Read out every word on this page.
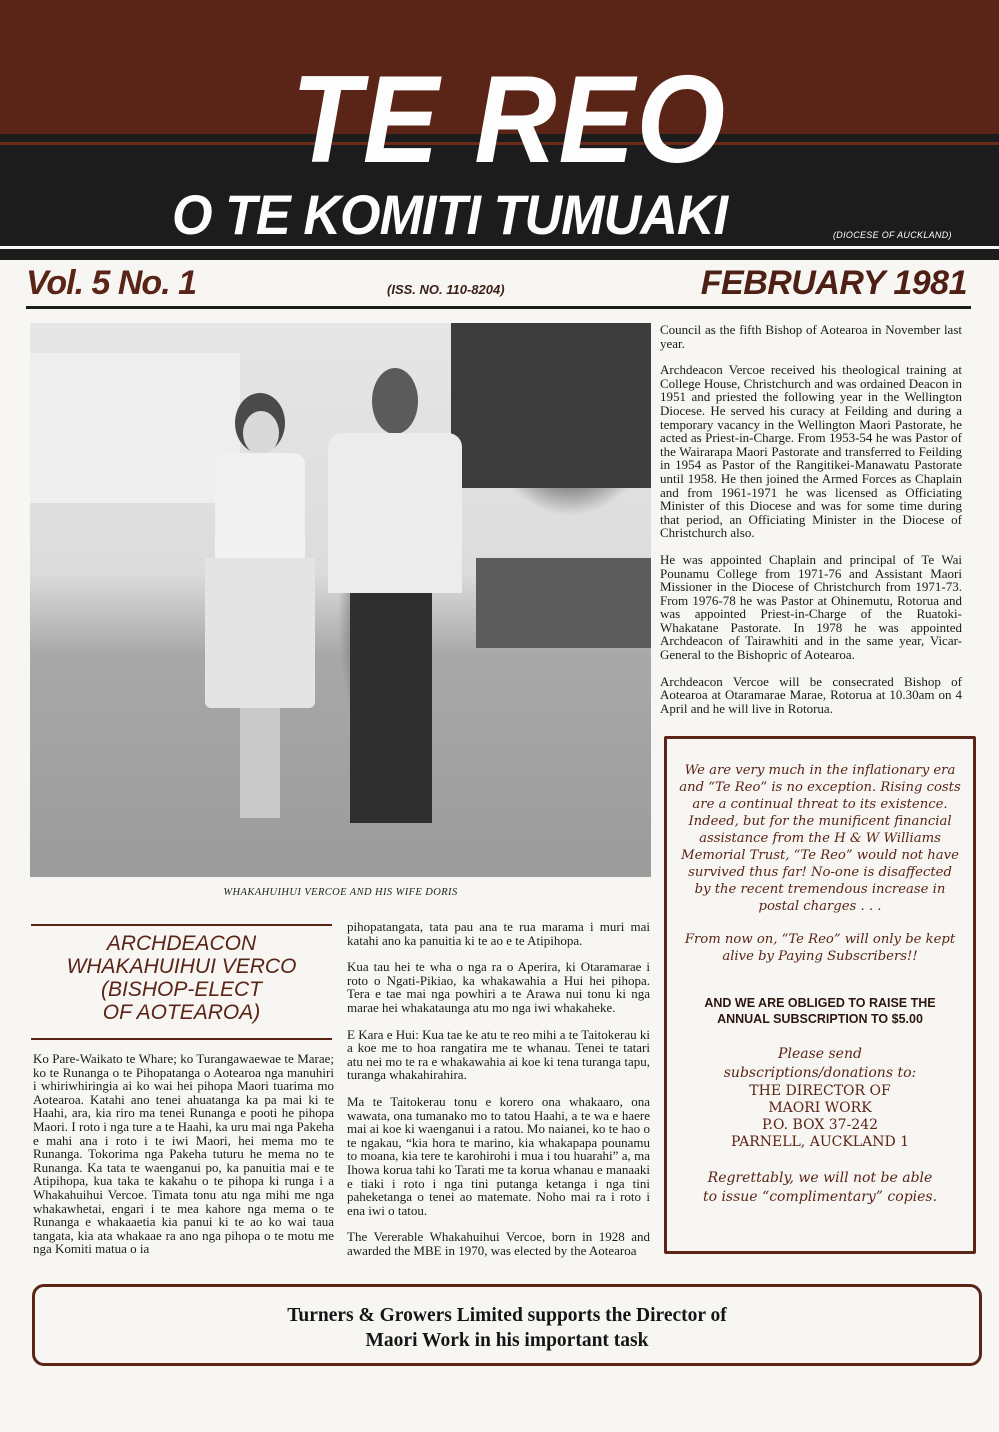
TE REO
O TE KOMITI TUMUAKI	(DIOCESE OF AUCKLAND)
Vol. 5 No. 1	(ISS. NO. 110-8204)	FEBRUARY 1981
WHAKAHUIHUI VERCOE AND HIS WIFE DORIS

Council as the fifth Bishop of Aotearoa in November last year.

Archdeacon Vercoe received his theological training at College House, Christchurch and was ordained Deacon in 1951 and priested the following year in the Wellington Diocese. He served his curacy at Feilding and during a temporary vacancy in the Wellington Maori Pastorate, he acted as Priest-in-Charge. From 1953-54 he was Pastor of the Wairarapa Maori Pastorate and transferred to Feilding in 1954 as Pastor of the Rangitikei-Manawatu Pastorate until 1958. He then joined the Armed Forces as Chaplain and from 1961-1971 he was licensed as Officiating Minister of this Diocese and was for some time during that period, an Officiating Minister in the Diocese of Christchurch also.

He was appointed Chaplain and principal of Te Wai Pounamu College from 1971-76 and Assistant Maori Missioner in the Diocese of Christchurch from 1971-73. From 1976-78 he was Pastor at Ohinemutu, Rotorua and was appointed Priest-in-Charge of the Ruatoki-Whakatane Pastorate. In 1978 he was appointed Archdeacon of Tairawhiti and in the same year, Vicar-General to the Bishopric of Aotearoa.

Archdeacon Vercoe will be consecrated Bishop of Aotearoa at Otaramarae Marae, Rotorua at 10.30am on 4 April and he will live in Rotorua.

ARCHDEACON
WHAKAHUIHUI VERCO
(BISHOP-ELECT
OF AOTEAROA)

Ko Pare-Waikato te Whare; ko Turangawaewae te Marae; ko te Runanga o te Pihopatanga o Aotearoa nga manuhiri i whiriwhiringia ai ko wai hei pihopa Maori tuarima mo Aotearoa. Katahi ano tenei ahuatanga ka pa mai ki te Haahi, ara, kia riro ma tenei Runanga e pooti he pihopa Maori. I roto i nga ture a te Haahi, ka uru mai nga Pakeha e mahi ana i roto i te iwi Maori, hei mema mo te Runanga. Tokorima nga Pakeha tuturu he mema no te Runanga. Ka tata te waenganui po, ka panuitia mai e te Atipihopa, kua taka te kakahu o te pihopa ki runga i a Whakahuihui Vercoe. Timata tonu atu nga mihi me nga whakawhetai, engari i te mea kahore nga mema o te Runanga e whakaaetia kia panui ki te ao ko wai taua tangata, kia ata whakaae ra ano nga pihopa o te motu me nga Komiti matua o ia

pihopatangata, tata pau ana te rua marama i muri mai katahi ano ka panuitia ki te ao e te Atipihopa.

Kua tau hei te wha o nga ra o Aperira, ki Otaramarae i roto o Ngati-Pikiao, ka whakawahia a Hui hei pihopa. Tera e tae mai nga powhiri a te Arawa nui tonu ki nga marae hei whakataunga atu mo nga iwi whakaheke.

E Kara e Hui: Kua tae ke atu te reo mihi a te Taitokerau ki a koe me to hoa rangatira me te whanau. Tenei te tatari atu nei mo te ra e whakawahia ai koe ki tena turanga tapu, turanga whakahirahira.

Ma te Taitokerau tonu e korero ona whakaaro, ona wawata, ona tumanako mo to tatou Haahi, a te wa e haere mai ai koe ki waenganui i a ratou. Mo naianei, ko te hao o te ngakau, “kia hora te marino, kia whakapapa pounamu to moana, kia tere te karohirohi i mua i tou huarahi” a, ma Ihowa korua tahi ko Tarati me ta korua whanau e manaaki e tiaki i roto i nga tini putanga ketanga i nga tini paheketanga o tenei ao matemate. Noho mai ra i roto i ena iwi o tatou.

The Vererable Whakahuihui Vercoe, born in 1928 and awarded the MBE in 1970, was elected by the Aotearoa

We are very much in the inflationary era and “Te Reo” is no exception. Rising costs are a continual threat to its existence. Indeed, but for the munificent financial assistance from the H & W Williams Memorial Trust, “Te Reo” would not have survived thus far! No-one is disaffected by the recent tremendous increase in postal charges . . .
From now on, “Te Reo” will only be kept alive by Paying Subscribers!!
AND WE ARE OBLIGED TO RAISE THE
ANNUAL SUBSCRIPTION TO $5.00
Please send
subscriptions/donations to:
THE DIRECTOR OF
MAORI WORK
P.O. BOX 37-242
PARNELL, AUCKLAND 1
Regrettably, we will not be able
to issue “complimentary” copies.
Turners & Growers Limited supports the Director of
Maori Work in his important task
